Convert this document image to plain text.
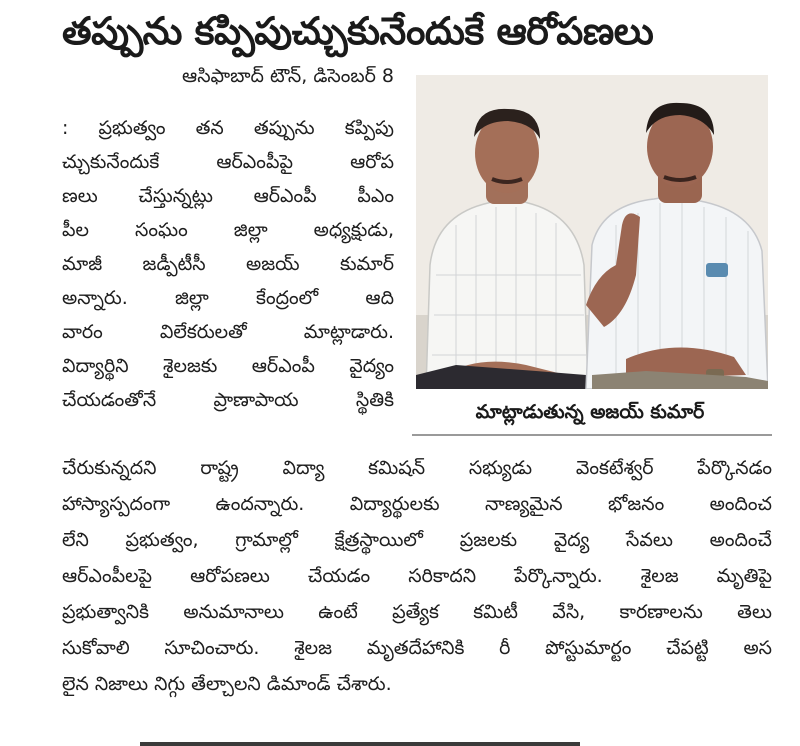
తప్పును కప్పిపుచ్చుకునేందుకే ఆరోపణలు
ఆసిఫాబాద్ టౌన్, డిసెంబర్ 8
: ప్రభుత్వం తన తప్పును కప్పిపు
చ్చుకునేందుకే ఆర్ఎంపీపై ఆరోప
ణలు చేస్తున్నట్లు ఆర్ఎంపీ పీఎం
పీల సంఘం జిల్లా అధ్యక్షుడు,
మాజీ జడ్పీటీసీ అజయ్ కుమార్
అన్నారు. జిల్లా కేంద్రంలో ఆది
వారం విలేకరులతో మాట్లాడారు.
విద్యార్థిని శైలజకు ఆర్ఎంపీ వైద్యం
చేయడంతోనే ప్రాణాపాయ స్థితికి
చేరుకున్నదని రాష్ట్ర విద్యా కమిషన్ సభ్యుడు వెంకటేశ్వర్ పేర్కొనడం
హాస్యాస్పదంగా ఉందన్నారు. విద్యార్థులకు నాణ్యమైన భోజనం అందించ
లేని ప్రభుత్వం, గ్రామాల్లో క్షేత్రస్థాయిలో ప్రజలకు వైద్య సేవలు అందించే
ఆర్ఎంపీలపై ఆరోపణలు చేయడం సరికాదని పేర్కొన్నారు. శైలజ మృతిపై
ప్రభుత్వానికి అనుమానాలు ఉంటే ప్రత్యేక కమిటీ వేసి, కారణాలను తెలు
సుకోవాలి సూచించారు. శైలజ మృతదేహానికి రీ పోస్టుమార్టం చేపట్టి అస
లైన నిజాలు నిగ్గు తేల్చాలని డిమాండ్ చేశారు.
మాట్లాడుతున్న అజయ్ కుమార్
